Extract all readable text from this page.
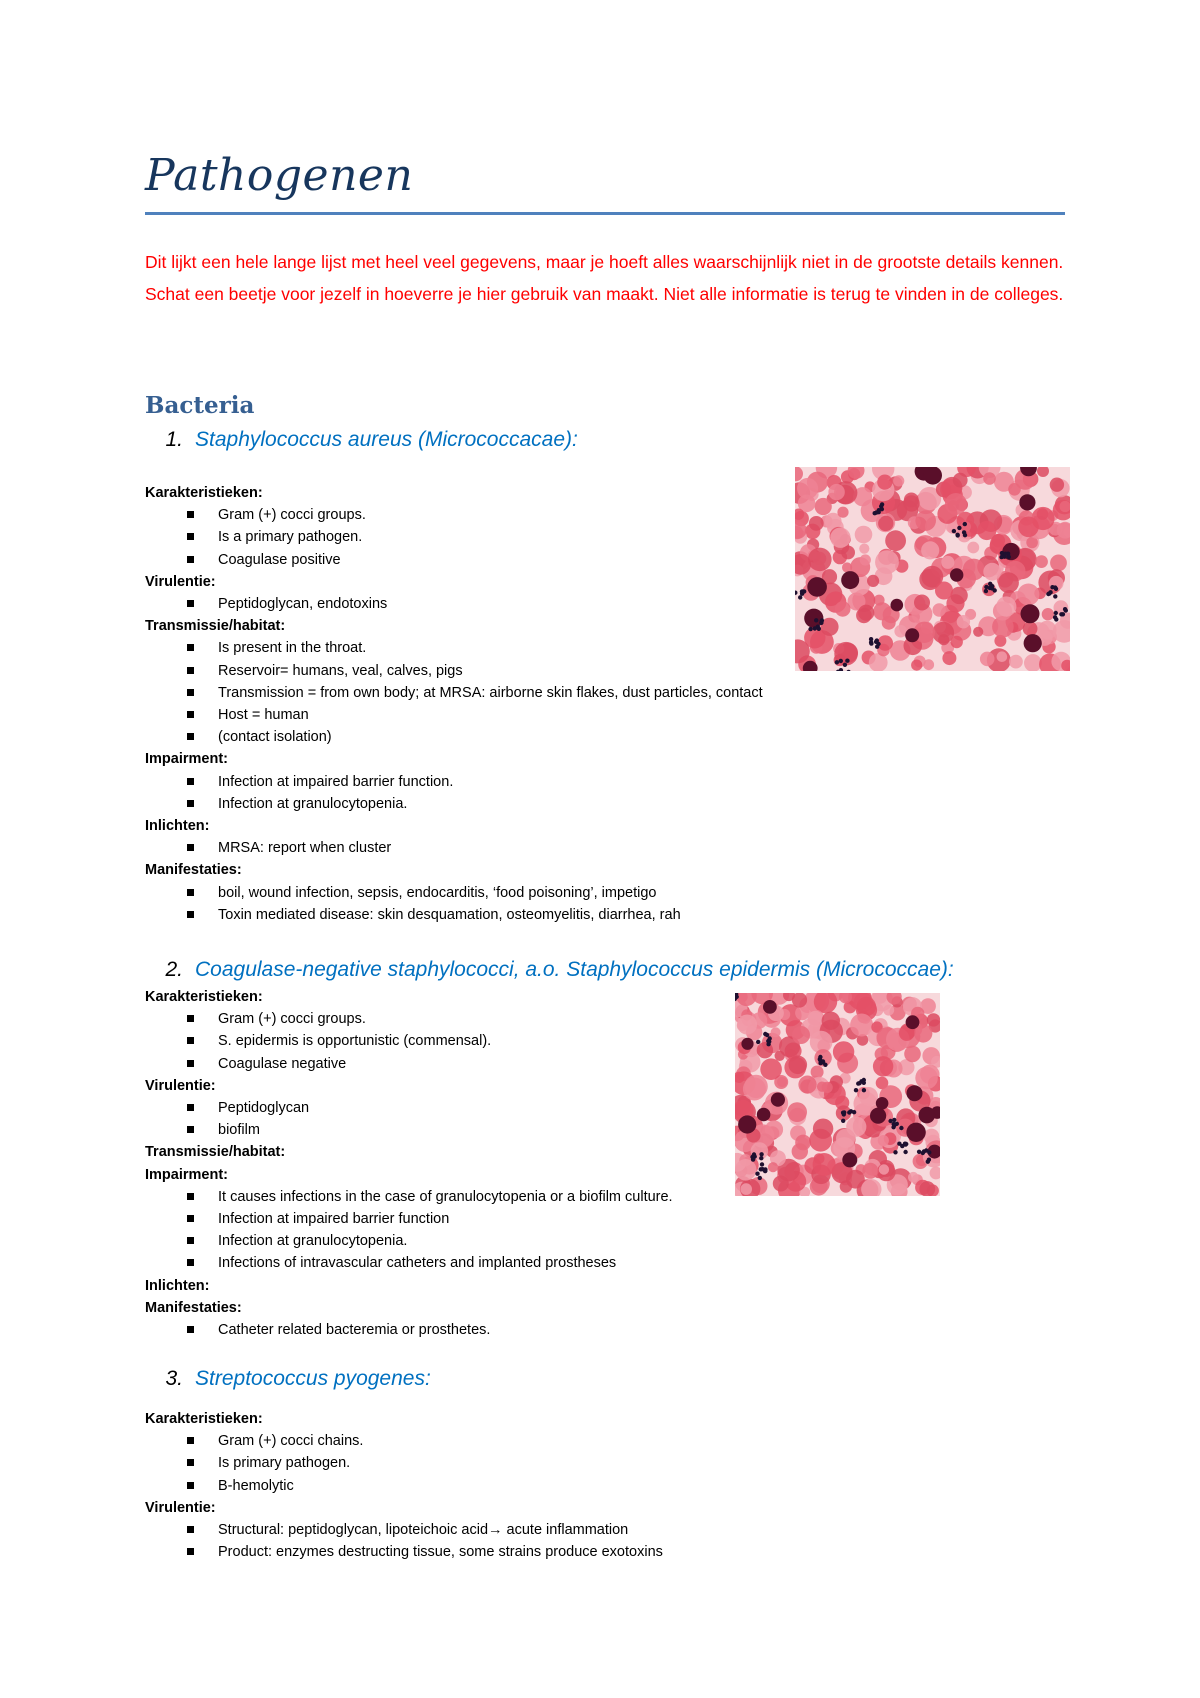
Pathogenen
Dit lijkt een hele lange lijst met heel veel gegevens, maar je hoeft alles waarschijnlijk niet in de grootste details kennen. Schat een beetje voor jezelf in hoeverre je hier gebruik van maakt. Niet alle informatie is terug te vinden in de colleges.
Bacteria
1. Staphylococcus aureus (Micrococcacae):
Karakteristieken:
Gram (+) cocci groups.
Is a primary pathogen.
Coagulase positive
Virulentie:
Peptidoglycan, endotoxins
Transmissie/habitat:
Is present in the throat.
Reservoir= humans, veal, calves, pigs
Transmission = from own body; at MRSA: airborne skin flakes, dust particles, contact
Host = human
(contact isolation)
Impairment:
Infection at impaired barrier function.
Infection at granulocytopenia.
Inlichten:
MRSA: report when cluster
Manifestaties:
boil, wound infection, sepsis, endocarditis, ‘food poisoning’, impetigo
Toxin mediated disease: skin desquamation, osteomyelitis, diarrhea, rah
2. Coagulase-negative staphylococci, a.o. Staphylococcus epidermis (Micrococcae):
Karakteristieken:
Gram (+) cocci groups.
S. epidermis is opportunistic (commensal).
Coagulase negative
Virulentie:
Peptidoglycan
biofilm
Transmissie/habitat:
Impairment:
It causes infections in the case of granulocytopenia or a biofilm culture.
Infection at impaired barrier function
Infection at granulocytopenia.
Infections of intravascular catheters and implanted prostheses
Inlichten:
Manifestaties:
Catheter related bacteremia or prosthetes.
3. Streptococcus pyogenes:
Karakteristieken:
Gram (+) cocci chains.
Is primary pathogen.
B-hemolytic
Virulentie:
Structural: peptidoglycan, lipoteichoic acid→ acute inflammation
Product: enzymes destructing tissue, some strains produce exotoxins
